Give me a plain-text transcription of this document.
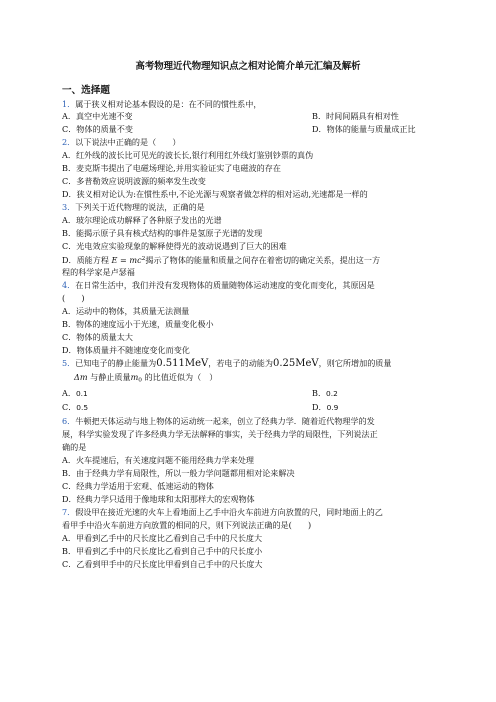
高考物理近代物理知识点之相对论简介单元汇编及解析
一、选择题
1．属于狭义相对论基本假设的是：在不同的惯性系中，
A．真空中光速不变	B．时间间隔具有相对性
C．物体的质量不变	D．物体的能量与质量成正比
2．以下说法中正确的是（　　）
A．红外线的波长比可见光的波长长,银行利用红外线灯鉴别钞票的真伪
B．麦克斯韦提出了电磁场理论,并用实验证实了电磁波的存在
C．多普勒效应说明波源的频率发生改变
D．狭义相对论认为:在惯性系中,不论光源与观察者做怎样的相对运动,光速都是一样的
3．下列关于近代物理的说法，正确的是
A．玻尔理论成功解释了各种原子发出的光谱
B．能揭示原子具有核式结构的事件是氢原子光谱的发现
C．光电效应实验现象的解释使得光的波动说遇到了巨大的困难
D．质能方程 $E = mc^2$揭示了物体的能量和质量之间存在着密切的确定关系，提出这一方
程的科学家是卢瑟福
4．在日常生活中，我们并没有发现物体的质量随物体运动速度的变化而变化，其原因是
(　　)
A．运动中的物体，其质量无法测量
B．物体的速度远小于光速，质量变化极小
C．物体的质量太大
D．物体质量并不随速度变化而变化
5．已知电子的静止能量为0.511MeV，若电子的动能为0.25MeV，则它所增加的质量
Δm 与静止质量$m_0$ 的比值近似为（　）
A．0.1	B．0.2
C．0.5	D．0.9
6．牛顿把天体运动与地上物体的运动统一起来，创立了经典力学．随着近代物理学的发
展，科学实验发现了许多经典力学无法解释的事实，关于经典力学的局限性，下列说法正
确的是
A．火车提速后，有关速度问题不能用经典力学来处理
B．由于经典力学有局限性，所以一般力学问题都用相对论来解决
C．经典力学适用于宏观、低速运动的物体
D．经典力学只适用于像地球和太阳那样大的宏观物体
7．假设甲在接近光速的火车上看地面上乙手中沿火车前进方向放置的尺，同时地面上的乙
看甲手中沿火车前进方向放置的相同的尺，则下列说法正确的是(　　)
A．甲看到乙手中的尺长度比乙看到自己手中的尺长度大
B．甲看到乙手中的尺长度比乙看到自己手中的尺长度小
C．乙看到甲手中的尺长度比甲看到自己手中的尺长度大
